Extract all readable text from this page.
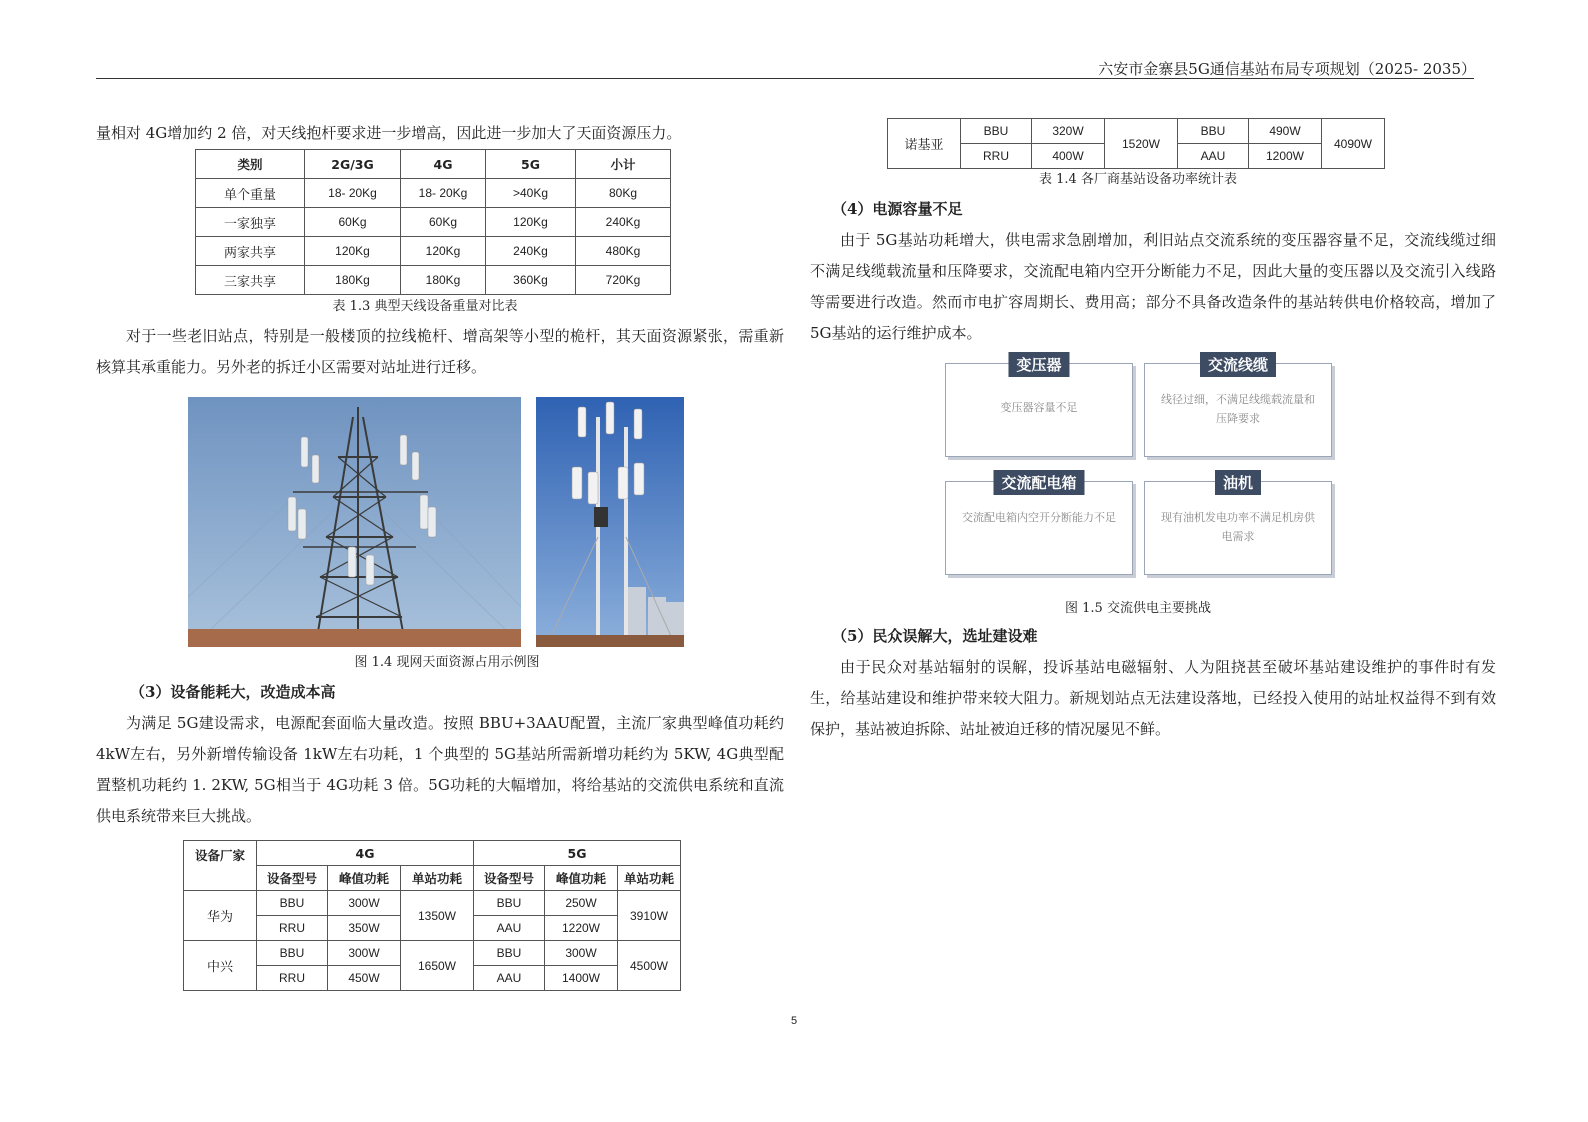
六安市金寨县5G通信基站布局专项规划（2025- 2035）

量相对 4G增加约 2 倍，对天线抱杆要求进一步增高，因此进一步加大了天面资源压力。

类别	2G/3G	4G	5G	小计
单个重量	18- 20Kg	18- 20Kg	>40Kg	80Kg
一家独享	60Kg	60Kg	120Kg	240Kg
两家共享	120Kg	120Kg	240Kg	480Kg
三家共享	180Kg	180Kg	360Kg	720Kg
表 1.3 典型天线设备重量对比表

对于一些老旧站点，特别是一般楼顶的拉线桅杆、增高架等小型的桅杆，其天面资源紧张，需重新核算其承重能力。另外老的拆迁小区需要对站址进行迁移。

图 1.4 现网天面资源占用示例图
（3）设备能耗大，改造成本高

为满足 5G建设需求，电源配套面临大量改造。按照 BBU+3AAU配置，主流厂家典型峰值功耗约4kW左右，另外新增传输设备 1kW左右功耗，1 个典型的 5G基站所需新增功耗约为 5KW, 4G典型配置整机功耗约 1. 2KW, 5G相当于 4G功耗 3 倍。5G功耗的大幅增加，将给基站的交流供电系统和直流供电系统带来巨大挑战。

设备厂家	4G			5G		
	设备型号	峰值功耗	单站功耗	设备型号	峰值功耗	单站功耗
华为	BBU	300W	1350W	BBU	250W	3910W
	RRU	350W		AAU	1220W	
中兴	BBU	300W	1650W	BBU	300W	4500W
	RRU	450W		AAU	1400W	
诺基亚	BBU	320W	1520W	BBU	490W	4090W
	RRU	400W		AAU	1200W	
表 1.4 各厂商基站设备功率统计表
（4）电源容量不足

由于 5G基站功耗增大，供电需求急剧增加，利旧站点交流系统的变压器容量不足，交流线缆过细不满足线缆载流量和压降要求，交流配电箱内空开分断能力不足，因此大量的变压器以及交流引入线路等需要进行改造。然而市电扩容周期长、费用高；部分不具备改造条件的基站转供电价格较高，增加了 5G基站的运行维护成本。

变压器
变压器容量不足
交流线缆
线径过细，不满足线缆载流量和压降要求
交流配电箱
交流配电箱内空开分断能力不足
油机
现有油机发电功率不满足机房供电需求
图 1.5 交流供电主要挑战
（5）民众误解大，选址建设难

由于民众对基站辐射的误解，投诉基站电磁辐射、人为阻挠甚至破坏基站建设维护的事件时有发生，给基站建设和维护带来较大阻力。新规划站点无法建设落地，已经投入使用的站址权益得不到有效保护，基站被迫拆除、站址被迫迁移的情况屡见不鲜。

5
